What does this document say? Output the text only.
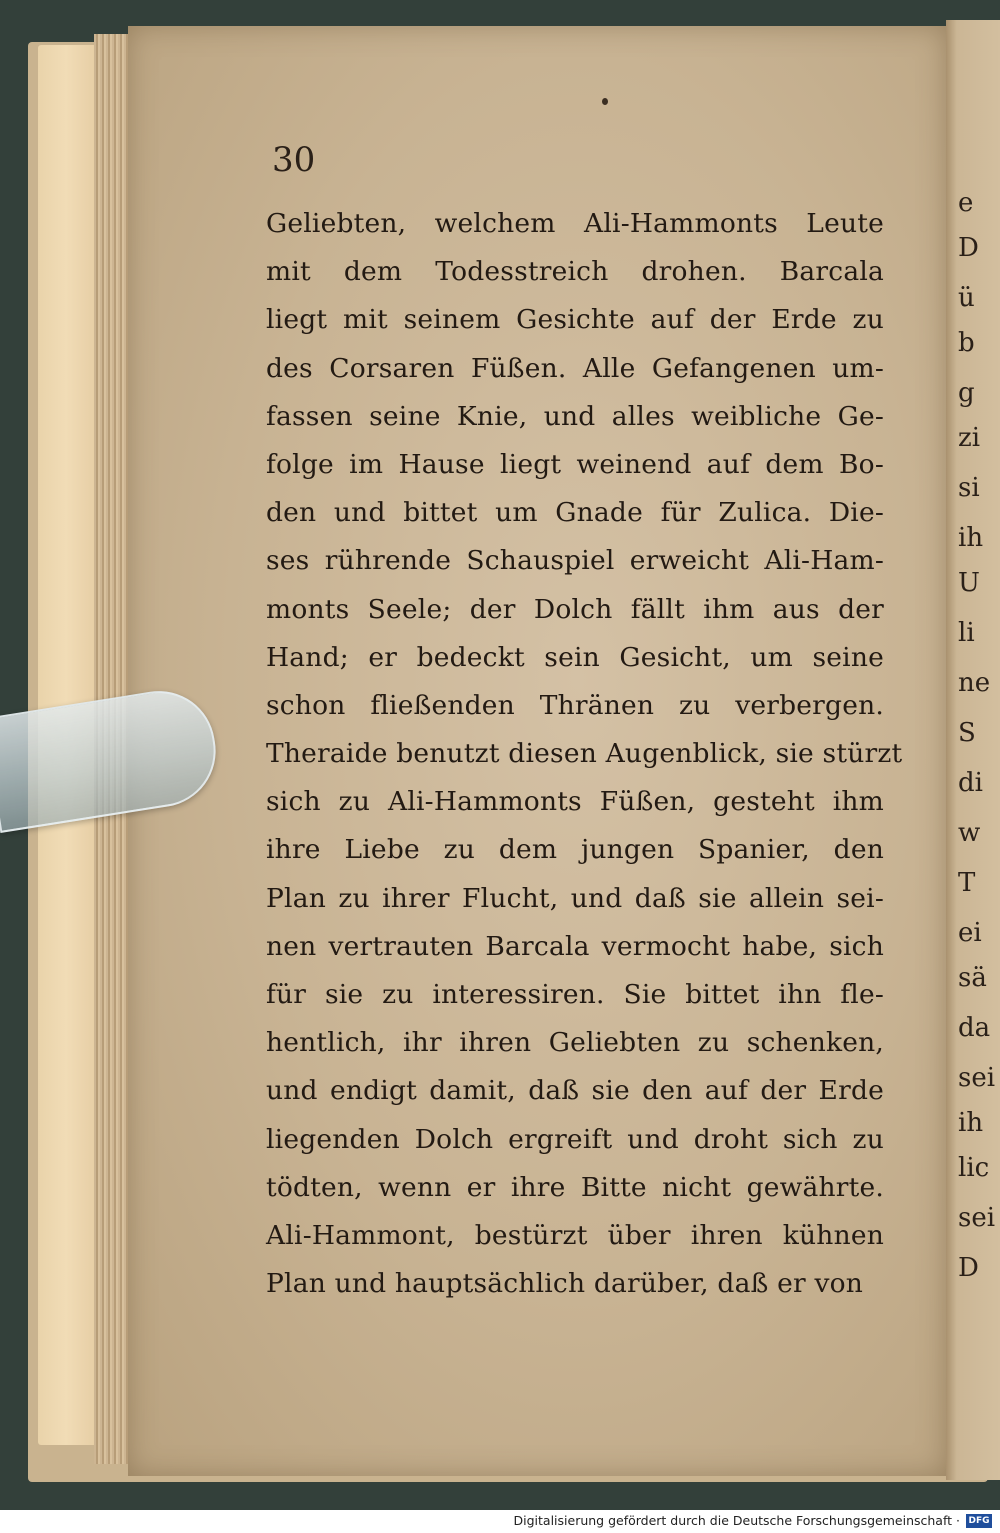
30
Geliebten, welchem Ali-Hammonts Leute
mit dem Todesstreich drohen. Barcala
liegt mit seinem Gesichte auf der Erde zu
des Corsaren Füßen. Alle Gefangenen um-
fassen seine Knie, und alles weibliche Ge-
folge im Hause liegt weinend auf dem Bo-
den und bittet um Gnade für Zulica. Die-
ses rührende Schauspiel erweicht Ali-Ham-
monts Seele; der Dolch fällt ihm aus der
Hand; er bedeckt sein Gesicht, um seine
schon fließenden Thränen zu verbergen.
Theraide benutzt diesen Augenblick, sie stürzt
sich zu Ali-Hammonts Füßen, gesteht ihm
ihre Liebe zu dem jungen Spanier, den
Plan zu ihrer Flucht, und daß sie allein sei-
nen vertrauten Barcala vermocht habe, sich
für sie zu interessiren. Sie bittet ihn fle-
hentlich, ihr ihren Geliebten zu schenken,
und endigt damit, daß sie den auf der Erde
liegenden Dolch ergreift und droht sich zu
tödten, wenn er ihre Bitte nicht gewährte.
Ali-Hammont, bestürzt über ihren kühnen
Plan und hauptsächlich darüber, daß er von
e
D
ü
b
g
zi
si
ih
U
li
ne
S
di
w
T
ei
sä
da
sei
ih
lic
sei
D
Digitalisierung gefördert durch die Deutsche Forschungsgemeinschaft · DFG
